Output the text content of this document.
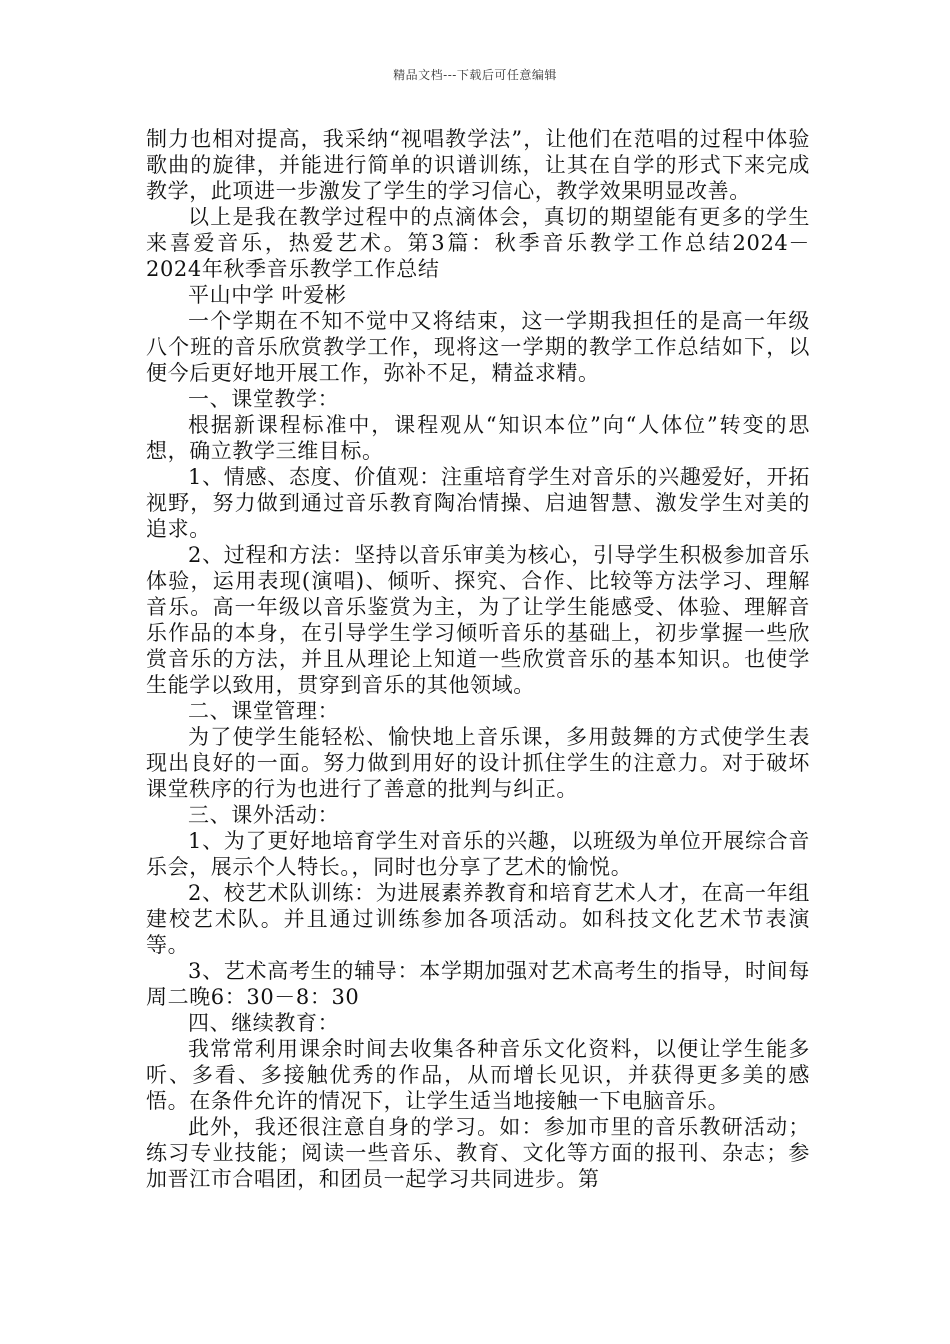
精品文档---下载后可任意编辑

制力也相对提高，我采纳“视唱教学法”，让他们在范唱的过程中体验歌曲的旋律，并能进行简单的识谱训练，让其在自学的形式下来完成教学，此项进一步激发了学生的学习信心，教学效果明显改善。

以上是我在教学过程中的点滴体会，真切的期望能有更多的学生来喜爱音乐，热爱艺术。第3篇：秋季音乐教学工作总结2024－2024年秋季音乐教学工作总结

平山中学 叶爱彬

一个学期在不知不觉中又将结束，这一学期我担任的是高一年级八个班的音乐欣赏教学工作，现将这一学期的教学工作总结如下，以便今后更好地开展工作，弥补不足，精益求精。

一、课堂教学：

根据新课程标准中，课程观从“知识本位”向“人体位”转变的思想，确立教学三维目标。

1、情感、态度、价值观：注重培育学生对音乐的兴趣爱好，开拓视野，努力做到通过音乐教育陶冶情操、启迪智慧、激发学生对美的追求。

2、过程和方法：坚持以音乐审美为核心，引导学生积极参加音乐体验，运用表现(演唱)、倾听、探究、合作、比较等方法学习、理解音乐。高一年级以音乐鉴赏为主，为了让学生能感受、体验、理解音乐作品的本身，在引导学生学习倾听音乐的基础上，初步掌握一些欣赏音乐的方法，并且从理论上知道一些欣赏音乐的基本知识。也使学生能学以致用，贯穿到音乐的其他领域。

二、课堂管理：

为了使学生能轻松、愉快地上音乐课，多用鼓舞的方式使学生表现出良好的一面。努力做到用好的设计抓住学生的注意力。对于破坏课堂秩序的行为也进行了善意的批判与纠正。

三、课外活动：

1、为了更好地培育学生对音乐的兴趣，以班级为单位开展综合音乐会，展示个人特长。，同时也分享了艺术的愉悦。

2、校艺术队训练：为进展素养教育和培育艺术人才，在高一年组建校艺术队。并且通过训练参加各项活动。如科技文化艺术节表演等。

3、艺术高考生的辅导：本学期加强对艺术高考生的指导，时间每周二晚6：30－8：30

四、继续教育：

我常常利用课余时间去收集各种音乐文化资料，以便让学生能多听、多看、多接触优秀的作品，从而增长见识，并获得更多美的感悟。在条件允许的情况下，让学生适当地接触一下电脑音乐。

此外，我还很注意自身的学习。如：参加市里的音乐教研活动；练习专业技能；阅读一些音乐、教育、文化等方面的报刊、杂志；参加晋江市合唱团，和团员一起学习共同进步。第
